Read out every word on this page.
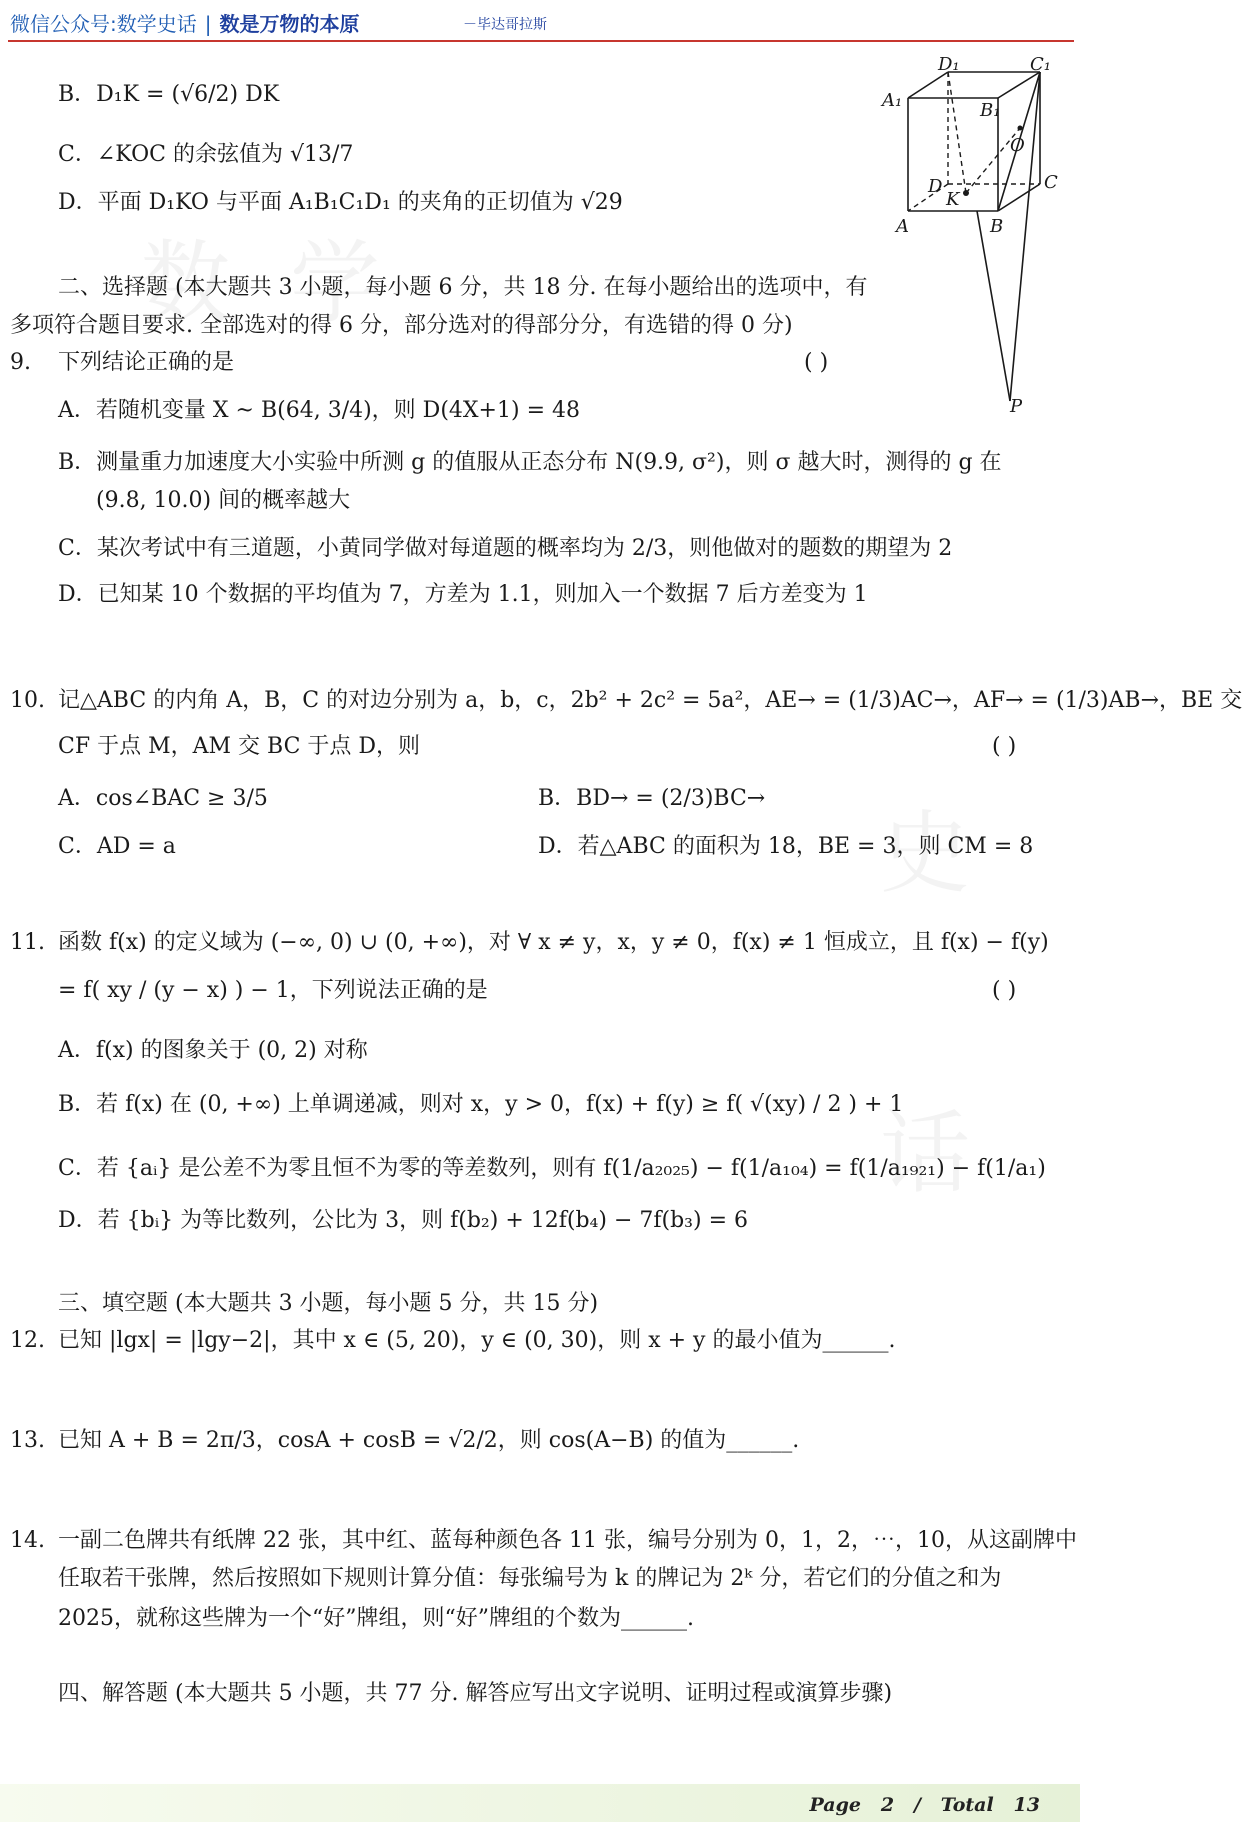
数 学
史
话
微信公众号:数学史话 | 数是万物的本原	－毕达哥拉斯
D₁	C₁
A₁	B₁
O
D	C
K
A	B
P
B．D₁K = (√6/2) DK
C．∠KOC 的余弦值为 √13/7
D．平面 D₁KO 与平面 A₁B₁C₁D₁ 的夹角的正切值为 √29
二、选择题 (本大题共 3 小题，每小题 6 分，共 18 分. 在每小题给出的选项中，有
多项符合题目要求. 全部选对的得 6 分，部分选对的得部分分，有选错的得 0 分)
9. 下列结论正确的是	( )
A．若随机变量 X ~ B(64, 3/4)，则 D(4X+1) = 48
B．测量重力加速度大小实验中所测 g 的值服从正态分布 N(9.9, σ²)，则 σ 越大时，测得的 g 在
(9.8, 10.0) 间的概率越大
C．某次考试中有三道题，小黄同学做对每道题的概率均为 2/3，则他做对的题数的期望为 2
D．已知某 10 个数据的平均值为 7，方差为 1.1，则加入一个数据 7 后方差变为 1
10. 记△ABC 的内角 A，B，C 的对边分别为 a，b，c，2b² + 2c² = 5a²，AE→ = (1/3)AC→，AF→ = (1/3)AB→，BE 交
CF 于点 M，AM 交 BC 于点 D，则	( )
A．cos∠BAC ≥ 3/5	B．BD→ = (2/3)BC→
C．AD = a	D．若△ABC 的面积为 18，BE = 3，则 CM = 8
11. 函数 f(x) 的定义域为 (−∞, 0) ∪ (0, +∞)，对 ∀ x ≠ y，x，y ≠ 0，f(x) ≠ 1 恒成立，且 f(x) − f(y)
= f( xy / (y − x) ) − 1，下列说法正确的是	( )
A．f(x) 的图象关于 (0, 2) 对称
B．若 f(x) 在 (0, +∞) 上单调递减，则对 x，y > 0，f(x) + f(y) ≥ f( √(xy) / 2 ) + 1
C．若 {aᵢ} 是公差不为零且恒不为零的等差数列，则有 f(1/a₂₀₂₅) − f(1/a₁₀₄) = f(1/a₁₉₂₁) − f(1/a₁)
D．若 {bᵢ} 为等比数列，公比为 3，则 f(b₂) + 12f(b₄) − 7f(b₃) = 6
三、填空题 (本大题共 3 小题，每小题 5 分，共 15 分)
12. 已知 |lgx| = |lgy−2|，其中 x ∈ (5, 20)，y ∈ (0, 30)，则 x + y 的最小值为______.
13. 已知 A + B = 2π/3，cosA + cosB = √2/2，则 cos(A−B) 的值为______.
14. 一副二色牌共有纸牌 22 张，其中红、蓝每种颜色各 11 张，编号分别为 0，1，2，⋯，10，从这副牌中
任取若干张牌，然后按照如下规则计算分值：每张编号为 k 的牌记为 2ᵏ 分，若它们的分值之和为
2025，就称这些牌为一个“好”牌组，则“好”牌组的个数为______.
四、解答题 (本大题共 5 小题，共 77 分. 解答应写出文字说明、证明过程或演算步骤)
Page 2 / Total 13
